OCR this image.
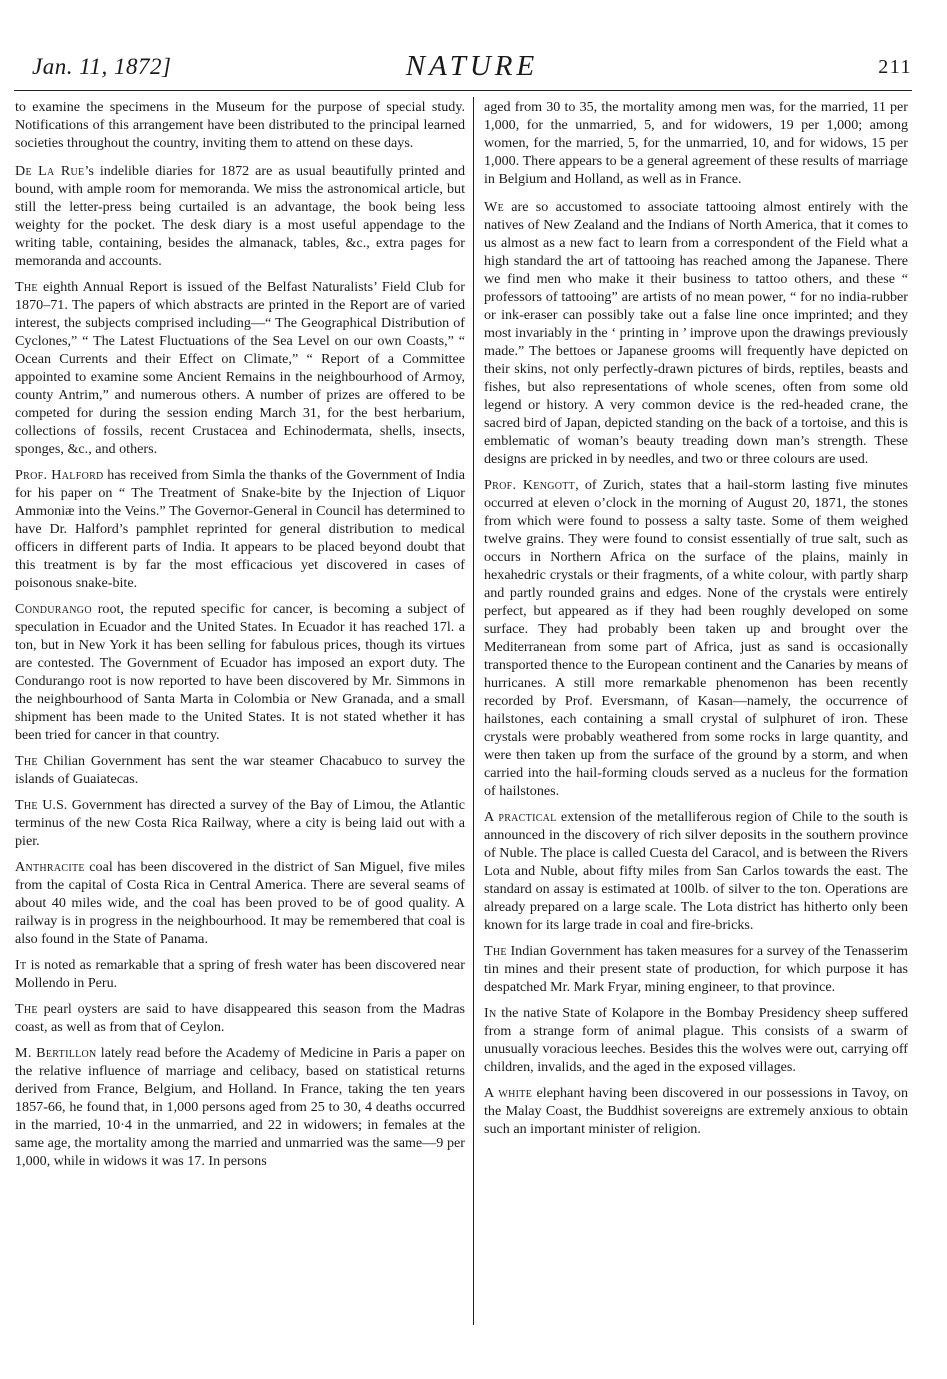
Jan. 11, 1872]	NATURE	211

to examine the specimens in the Museum for the purpose of special study. Notifications of this arrangement have been distributed to the principal learned societies throughout the country, inviting them to attend on these days.

De La Rue’s indelible diaries for 1872 are as usual beautifully printed and bound, with ample room for memoranda. We miss the astronomical article, but still the letter-press being curtailed is an advantage, the book being less weighty for the pocket. The desk diary is a most useful appendage to the writing table, containing, besides the almanack, tables, &c., extra pages for memoranda and accounts.

The eighth Annual Report is issued of the Belfast Naturalists’ Field Club for 1870–71. The papers of which abstracts are printed in the Report are of varied interest, the subjects comprised including—“ The Geographical Distribution of Cyclones,” “ The Latest Fluctuations of the Sea Level on our own Coasts,” “ Ocean Currents and their Effect on Climate,” “ Report of a Committee appointed to examine some Ancient Remains in the neighbourhood of Armoy, county Antrim,” and numerous others. A number of prizes are offered to be competed for during the session ending March 31, for the best herbarium, collections of fossils, recent Crustacea and Echinodermata, shells, insects, sponges, &c., and others.

Prof. Halford has received from Simla the thanks of the Government of India for his paper on “ The Treatment of Snake-bite by the Injection of Liquor Ammoniæ into the Veins.” The Governor-General in Council has determined to have Dr. Halford’s pamphlet reprinted for general distribution to medical officers in different parts of India. It appears to be placed beyond doubt that this treatment is by far the most efficacious yet discovered in cases of poisonous snake-bite.

Condurango root, the reputed specific for cancer, is becoming a subject of speculation in Ecuador and the United States. In Ecuador it has reached 17l. a ton, but in New York it has been selling for fabulous prices, though its virtues are contested. The Government of Ecuador has imposed an export duty. The Condurango root is now reported to have been discovered by Mr. Simmons in the neighbourhood of Santa Marta in Colombia or New Granada, and a small shipment has been made to the United States. It is not stated whether it has been tried for cancer in that country.

The Chilian Government has sent the war steamer Chacabuco to survey the islands of Guaiatecas.

The U.S. Government has directed a survey of the Bay of Limou, the Atlantic terminus of the new Costa Rica Railway, where a city is being laid out with a pier.

Anthracite coal has been discovered in the district of San Miguel, five miles from the capital of Costa Rica in Central America. There are several seams of about 40 miles wide, and the coal has been proved to be of good quality. A railway is in progress in the neighbourhood. It may be remembered that coal is also found in the State of Panama.

It is noted as remarkable that a spring of fresh water has been discovered near Mollendo in Peru.

The pearl oysters are said to have disappeared this season from the Madras coast, as well as from that of Ceylon.

M. Bertillon lately read before the Academy of Medicine in Paris a paper on the relative influence of marriage and celibacy, based on statistical returns derived from France, Belgium, and Holland. In France, taking the ten years 1857-66, he found that, in 1,000 persons aged from 25 to 30, 4 deaths occurred in the married, 10·4 in the unmarried, and 22 in widowers; in females at the same age, the mortality among the married and unmarried was the same—9 per 1,000, while in widows it was 17. In persons

aged from 30 to 35, the mortality among men was, for the married, 11 per 1,000, for the unmarried, 5, and for widowers, 19 per 1,000; among women, for the married, 5, for the unmarried, 10, and for widows, 15 per 1,000. There appears to be a general agreement of these results of marriage in Belgium and Holland, as well as in France.

We are so accustomed to associate tattooing almost entirely with the natives of New Zealand and the Indians of North America, that it comes to us almost as a new fact to learn from a correspondent of the Field what a high standard the art of tattooing has reached among the Japanese. There we find men who make it their business to tattoo others, and these “ professors of tattooing” are artists of no mean power, “ for no india-rubber or ink-eraser can possibly take out a false line once imprinted; and they most invariably in the ‘ printing in ’ improve upon the drawings previously made.” The bettoes or Japanese grooms will frequently have depicted on their skins, not only perfectly-drawn pictures of birds, reptiles, beasts and fishes, but also representations of whole scenes, often from some old legend or history. A very common device is the red-headed crane, the sacred bird of Japan, depicted standing on the back of a tortoise, and this is emblematic of woman’s beauty treading down man’s strength. These designs are pricked in by needles, and two or three colours are used.

Prof. Kengott, of Zurich, states that a hail-storm lasting five minutes occurred at eleven o’clock in the morning of August 20, 1871, the stones from which were found to possess a salty taste. Some of them weighed twelve grains. They were found to consist essentially of true salt, such as occurs in Northern Africa on the surface of the plains, mainly in hexahedric crystals or their fragments, of a white colour, with partly sharp and partly rounded grains and edges. None of the crystals were entirely perfect, but appeared as if they had been roughly developed on some surface. They had probably been taken up and brought over the Mediterranean from some part of Africa, just as sand is occasionally transported thence to the European continent and the Canaries by means of hurricanes. A still more remarkable phenomenon has been recently recorded by Prof. Eversmann, of Kasan—namely, the occurrence of hailstones, each containing a small crystal of sulphuret of iron. These crystals were probably weathered from some rocks in large quantity, and were then taken up from the surface of the ground by a storm, and when carried into the hail-forming clouds served as a nucleus for the formation of hailstones.

A practical extension of the metalliferous region of Chile to the south is announced in the discovery of rich silver deposits in the southern province of Nuble. The place is called Cuesta del Caracol, and is between the Rivers Lota and Nuble, about fifty miles from San Carlos towards the east. The standard on assay is estimated at 100lb. of silver to the ton. Operations are already prepared on a large scale. The Lota district has hitherto only been known for its large trade in coal and fire-bricks.

The Indian Government has taken measures for a survey of the Tenasserim tin mines and their present state of production, for which purpose it has despatched Mr. Mark Fryar, mining engineer, to that province.

In the native State of Kolapore in the Bombay Presidency sheep suffered from a strange form of animal plague. This consists of a swarm of unusually voracious leeches. Besides this the wolves were out, carrying off children, invalids, and the aged in the exposed villages.

A white elephant having been discovered in our possessions in Tavoy, on the Malay Coast, the Buddhist sovereigns are extremely anxious to obtain such an important minister of religion.
